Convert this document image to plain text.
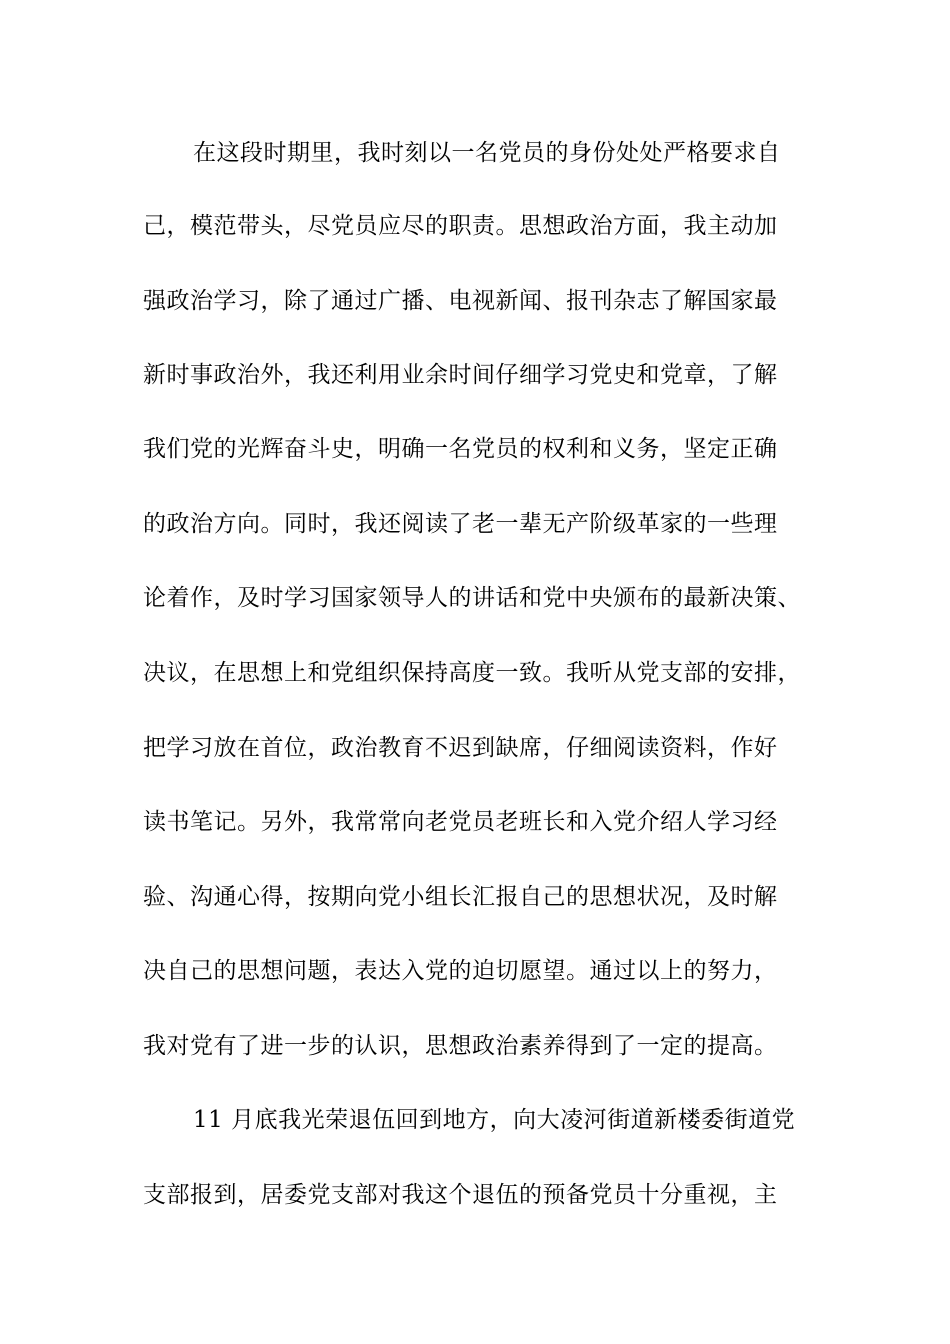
在这段时期里，我时刻以一名党员的身份处处严格要求自
己，模范带头，尽党员应尽的职责。思想政治方面，我主动加
强政治学习，除了通过广播、电视新闻、报刊杂志了解国家最
新时事政治外，我还利用业余时间仔细学习党史和党章，了解
我们党的光辉奋斗史，明确一名党员的权利和义务，坚定正确
的政治方向。同时，我还阅读了老一辈无产阶级革家的一些理
论着作，及时学习国家领导人的讲话和党中央颁布的最新决策、
决议，在思想上和党组织保持高度一致。我听从党支部的安排，
把学习放在首位，政治教育不迟到缺席，仔细阅读资料，作好
读书笔记。另外，我常常向老党员老班长和入党介绍人学习经
验、沟通心得，按期向党小组长汇报自己的思想状况，及时解
决自己的思想问题，表达入党的迫切愿望。通过以上的努力，
我对党有了进一步的认识，思想政治素养得到了一定的提高。
11 月底我光荣退伍回到地方，向大凌河街道新楼委街道党
支部报到，居委党支部对我这个退伍的预备党员十分重视，主
